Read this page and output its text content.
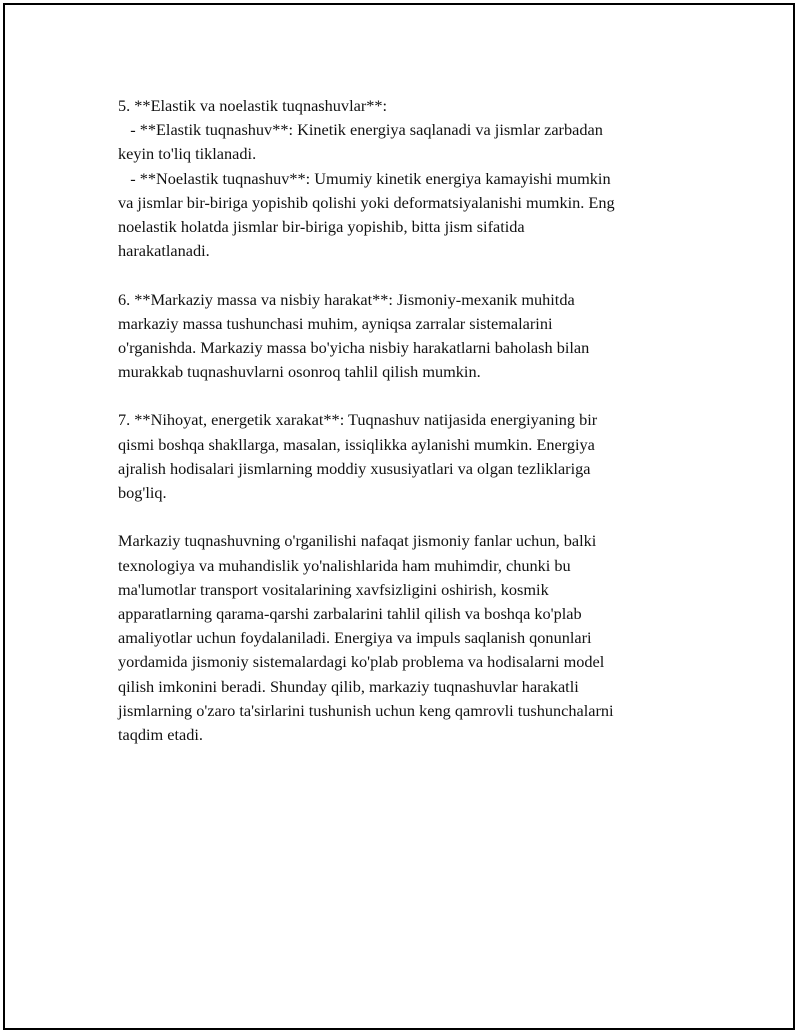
5. **Elastik va noelastik tuqnashuvlar**:
- **Elastik tuqnashuv**: Kinetik energiya saqlanadi va jismlar zarbadan
keyin to'liq tiklanadi.
- **Noelastik tuqnashuv**: Umumiy kinetik energiya kamayishi mumkin
va jismlar bir-biriga yopishib qolishi yoki deformatsiyalanishi mumkin. Eng
noelastik holatda jismlar bir-biriga yopishib, bitta jism sifatida
harakatlanadi.
6. **Markaziy massa va nisbiy harakat**: Jismoniy-mexanik muhitda
markaziy massa tushunchasi muhim, ayniqsa zarralar sistemalarini
o'rganishda. Markaziy massa bo'yicha nisbiy harakatlarni baholash bilan
murakkab tuqnashuvlarni osonroq tahlil qilish mumkin.
7. **Nihoyat, energetik xarakat**: Tuqnashuv natijasida energiyaning bir
qismi boshqa shakllarga, masalan, issiqlikka aylanishi mumkin. Energiya
ajralish hodisalari jismlarning moddiy xususiyatlari va olgan tezliklariga
bog'liq.
Markaziy tuqnashuvning o'rganilishi nafaqat jismoniy fanlar uchun, balki
texnologiya va muhandislik yo'nalishlarida ham muhimdir, chunki bu
ma'lumotlar transport vositalarining xavfsizligini oshirish, kosmik
apparatlarning qarama-qarshi zarbalarini tahlil qilish va boshqa ko'plab
amaliyotlar uchun foydalaniladi. Energiya va impuls saqlanish qonunlari
yordamida jismoniy sistemalardagi ko'plab problema va hodisalarni model
qilish imkonini beradi. Shunday qilib, markaziy tuqnashuvlar harakatli
jismlarning o'zaro ta'sirlarini tushunish uchun keng qamrovli tushunchalarni
taqdim etadi.
